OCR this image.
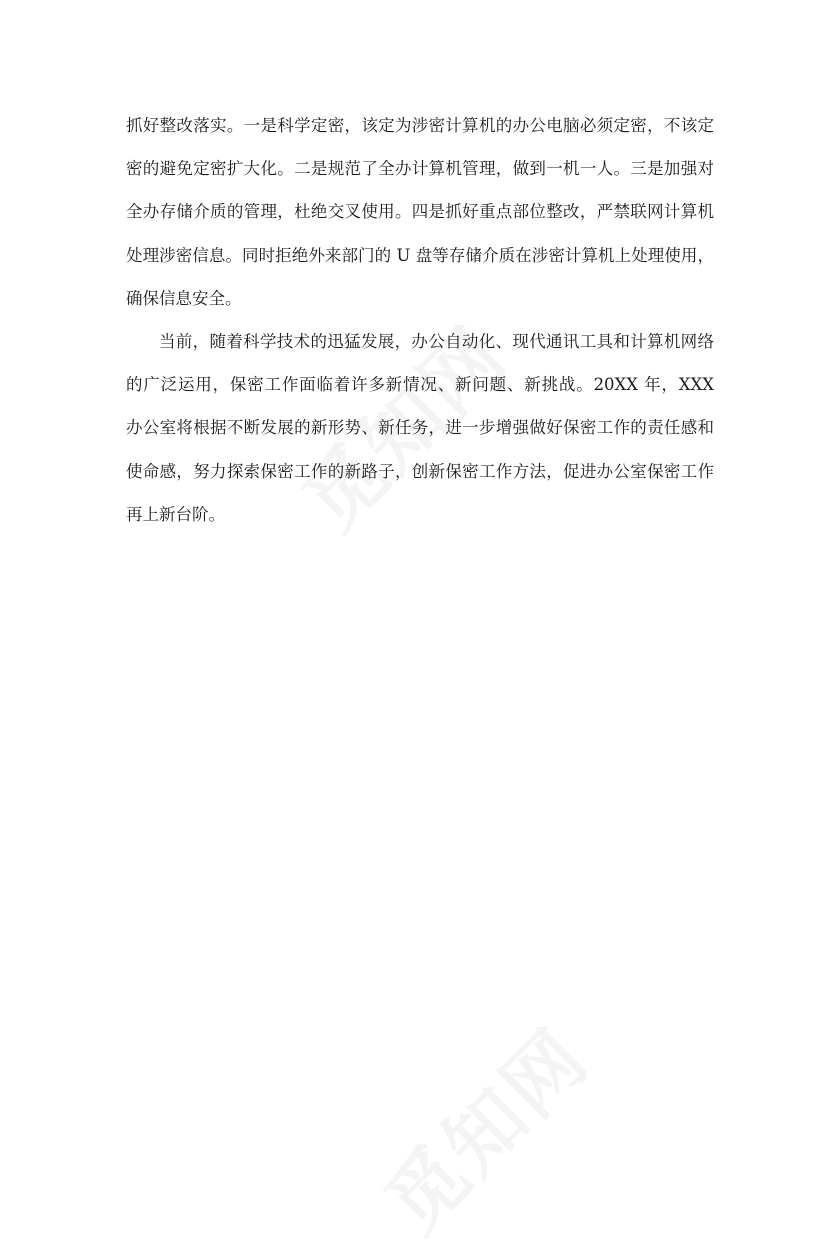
抓好整改落实。一是科学定密，该定为涉密计算机的办公电脑必须定密，不该定
密的避免定密扩大化。二是规范了全办计算机管理，做到一机一人。三是加强对
全办存储介质的管理，杜绝交叉使用。四是抓好重点部位整改，严禁联网计算机
处理涉密信息。同时拒绝外来部门的 U 盘等存储介质在涉密计算机上处理使用，
确保信息安全。
当前，随着科学技术的迅猛发展，办公自动化、现代通讯工具和计算机网络
的广泛运用，保密工作面临着许多新情况、新问题、新挑战。20XX 年，XXX
办公室将根据不断发展的新形势、新任务，进一步增强做好保密工作的责任感和
使命感，努力探索保密工作的新路子，创新保密工作方法，促进办公室保密工作
再上新台阶。
